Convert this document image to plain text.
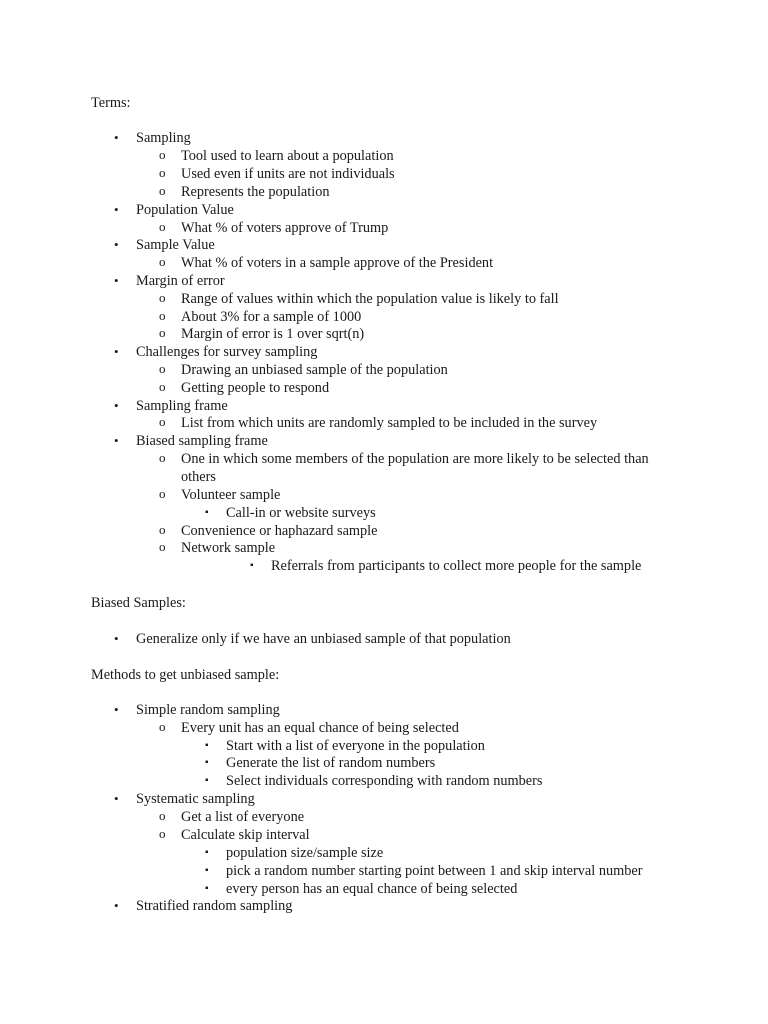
Terms:
• Sampling
o Tool used to learn about a population
o Used even if units are not individuals
o Represents the population
• Population Value
o What % of voters approve of Trump
• Sample Value
o What % of voters in a sample approve of the President
• Margin of error
o Range of values within which the population value is likely to fall
o About 3% for a sample of 1000
o Margin of error is 1 over sqrt(n)
• Challenges for survey sampling
o Drawing an unbiased sample of the population
o Getting people to respond
• Sampling frame
o List from which units are randomly sampled to be included in the survey
• Biased sampling frame
o One in which some members of the population are more likely to be selected than
others
o Volunteer sample
▪ Call-in or website surveys
o Convenience or haphazard sample
o Network sample
▪ Referrals from participants to collect more people for the sample
Biased Samples:
• Generalize only if we have an unbiased sample of that population
Methods to get unbiased sample:
• Simple random sampling
o Every unit has an equal chance of being selected
▪ Start with a list of everyone in the population
▪ Generate the list of random numbers
▪ Select individuals corresponding with random numbers
• Systematic sampling
o Get a list of everyone
o Calculate skip interval
▪ population size/sample size
▪ pick a random number starting point between 1 and skip interval number
▪ every person has an equal chance of being selected
• Stratified random sampling
